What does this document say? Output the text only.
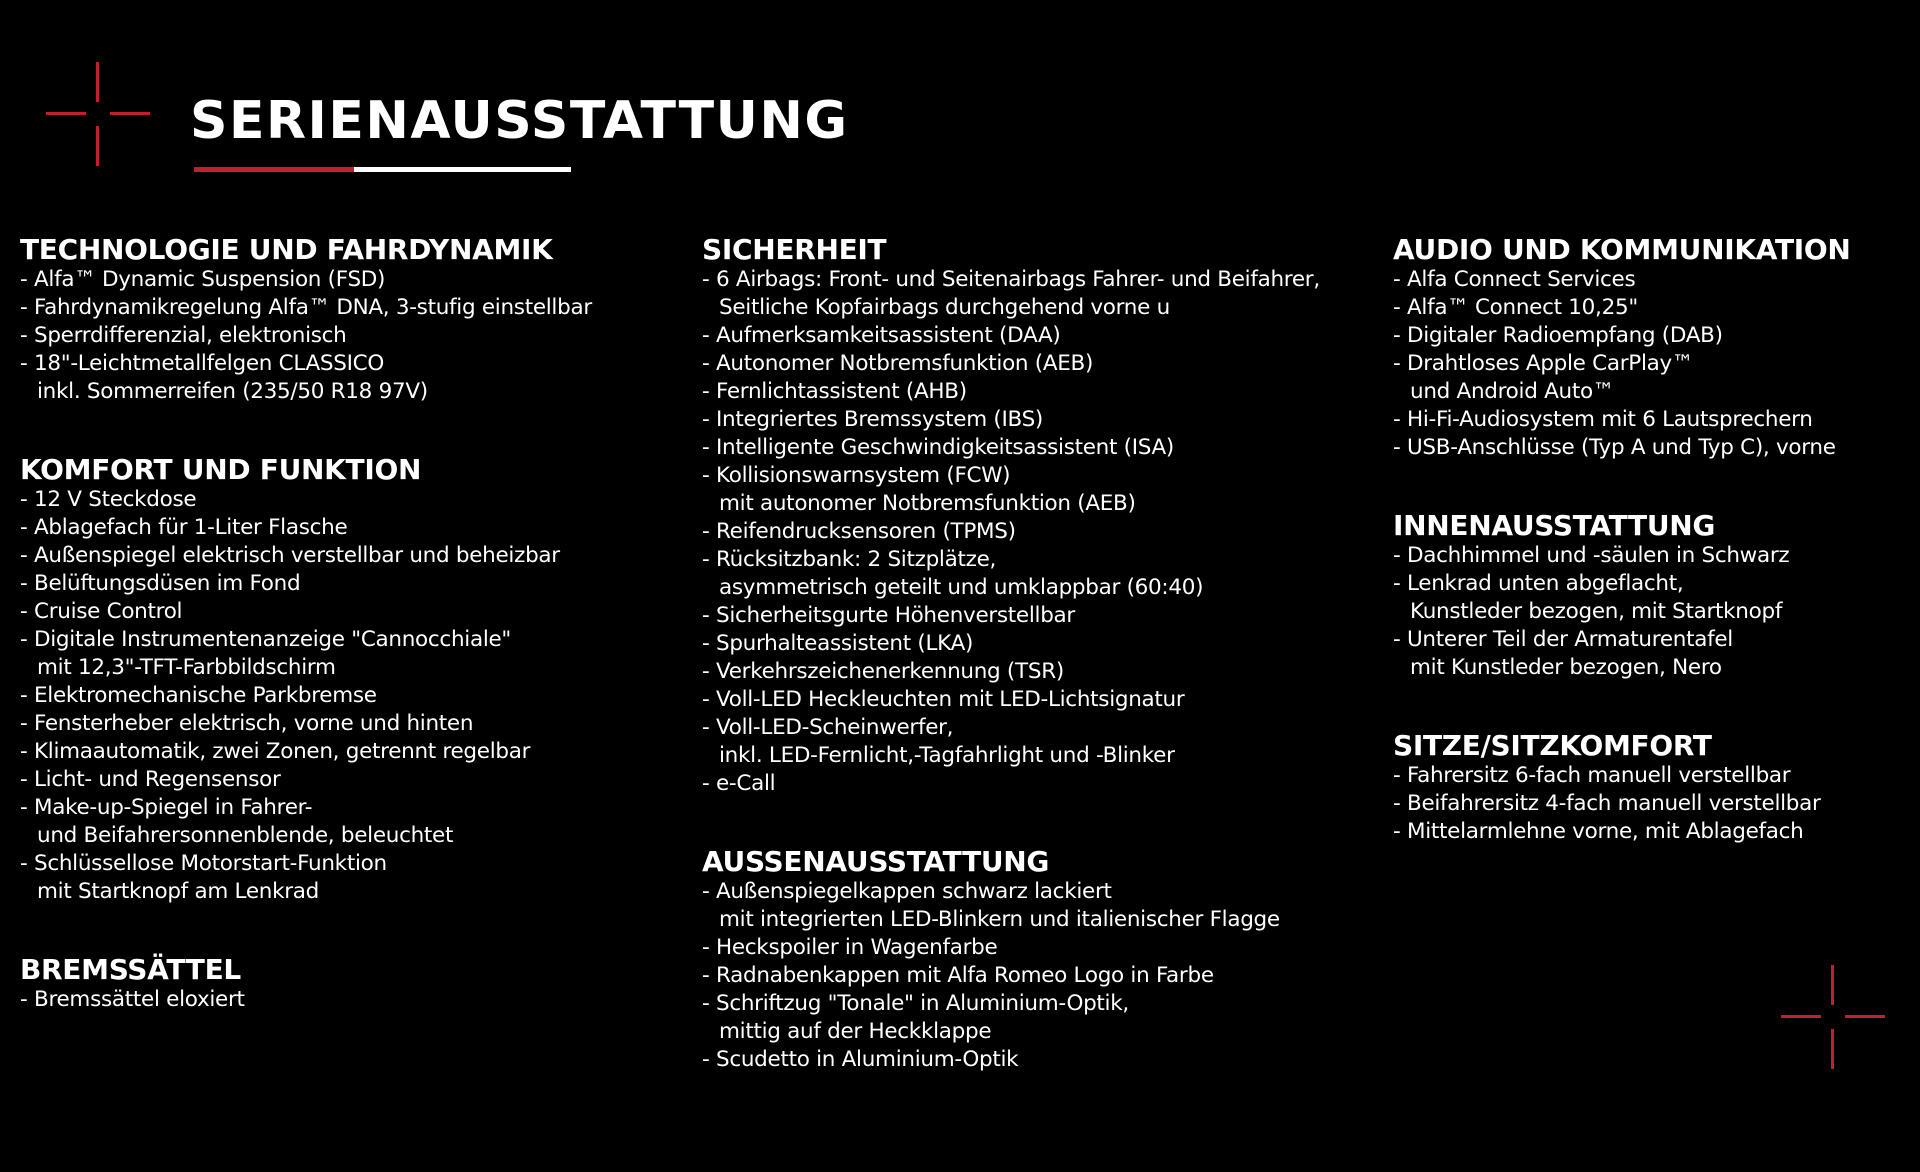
SERIENAUSSTATTUNG
TECHNOLOGIE UND FAHRDYNAMIK
- Alfa™ Dynamic Suspension (FSD)
- Fahrdynamikregelung Alfa™ DNA, 3-stufig einstellbar
- Sperrdifferenzial, elektronisch
- 18"-Leichtmetallfelgen CLASSICO
inkl. Sommerreifen (235/50 R18 97V)
KOMFORT UND FUNKTION
- 12 V Steckdose
- Ablagefach für 1-Liter Flasche
- Außenspiegel elektrisch verstellbar und beheizbar
- Belüftungsdüsen im Fond
- Cruise Control
- Digitale Instrumentenanzeige "Cannocchiale"
mit 12,3"-TFT-Farbbildschirm
- Elektromechanische Parkbremse
- Fensterheber elektrisch, vorne und hinten
- Klimaautomatik, zwei Zonen, getrennt regelbar
- Licht- und Regensensor
- Make-up-Spiegel in Fahrer-
und Beifahrersonnenblende, beleuchtet
- Schlüssellose Motorstart-Funktion
mit Startknopf am Lenkrad
BREMSSÄTTEL
- Bremssättel eloxiert
SICHERHEIT
- 6 Airbags: Front- und Seitenairbags Fahrer- und Beifahrer,
Seitliche Kopfairbags durchgehend vorne u
- Aufmerksamkeitsassistent (DAA)
- Autonomer Notbremsfunktion (AEB)
- Fernlichtassistent (AHB)
- Integriertes Bremssystem (IBS)
- Intelligente Geschwindigkeitsassistent (ISA)
- Kollisionswarnsystem (FCW)
mit autonomer Notbremsfunktion (AEB)
- Reifendrucksensoren (TPMS)
- Rücksitzbank: 2 Sitzplätze,
asymmetrisch geteilt und umklappbar (60:40)
- Sicherheitsgurte Höhenverstellbar
- Spurhalteassistent (LKA)
- Verkehrszeichenerkennung (TSR)
- Voll-LED Heckleuchten mit LED-Lichtsignatur
- Voll-LED-Scheinwerfer,
inkl. LED-Fernlicht,-Tagfahrlight und -Blinker
- e-Call
AUSSENAUSSTATTUNG
- Außenspiegelkappen schwarz lackiert
mit integrierten LED-Blinkern und italienischer Flagge
- Heckspoiler in Wagenfarbe
- Radnabenkappen mit Alfa Romeo Logo in Farbe
- Schriftzug "Tonale" in Aluminium-Optik,
mittig auf der Heckklappe
- Scudetto in Aluminium-Optik
AUDIO UND KOMMUNIKATION
- Alfa Connect Services
- Alfa™ Connect 10,25"
- Digitaler Radioempfang (DAB)
- Drahtloses Apple CarPlay™
und Android Auto™
- Hi-Fi-Audiosystem mit 6 Lautsprechern
- USB-Anschlüsse (Typ A und Typ C), vorne
INNENAUSSTATTUNG
- Dachhimmel und -säulen in Schwarz
- Lenkrad unten abgeflacht,
Kunstleder bezogen, mit Startknopf
- Unterer Teil der Armaturentafel
mit Kunstleder bezogen, Nero
SITZE/SITZKOMFORT
- Fahrersitz 6-fach manuell verstellbar
- Beifahrersitz 4-fach manuell verstellbar
- Mittelarmlehne vorne, mit Ablagefach
